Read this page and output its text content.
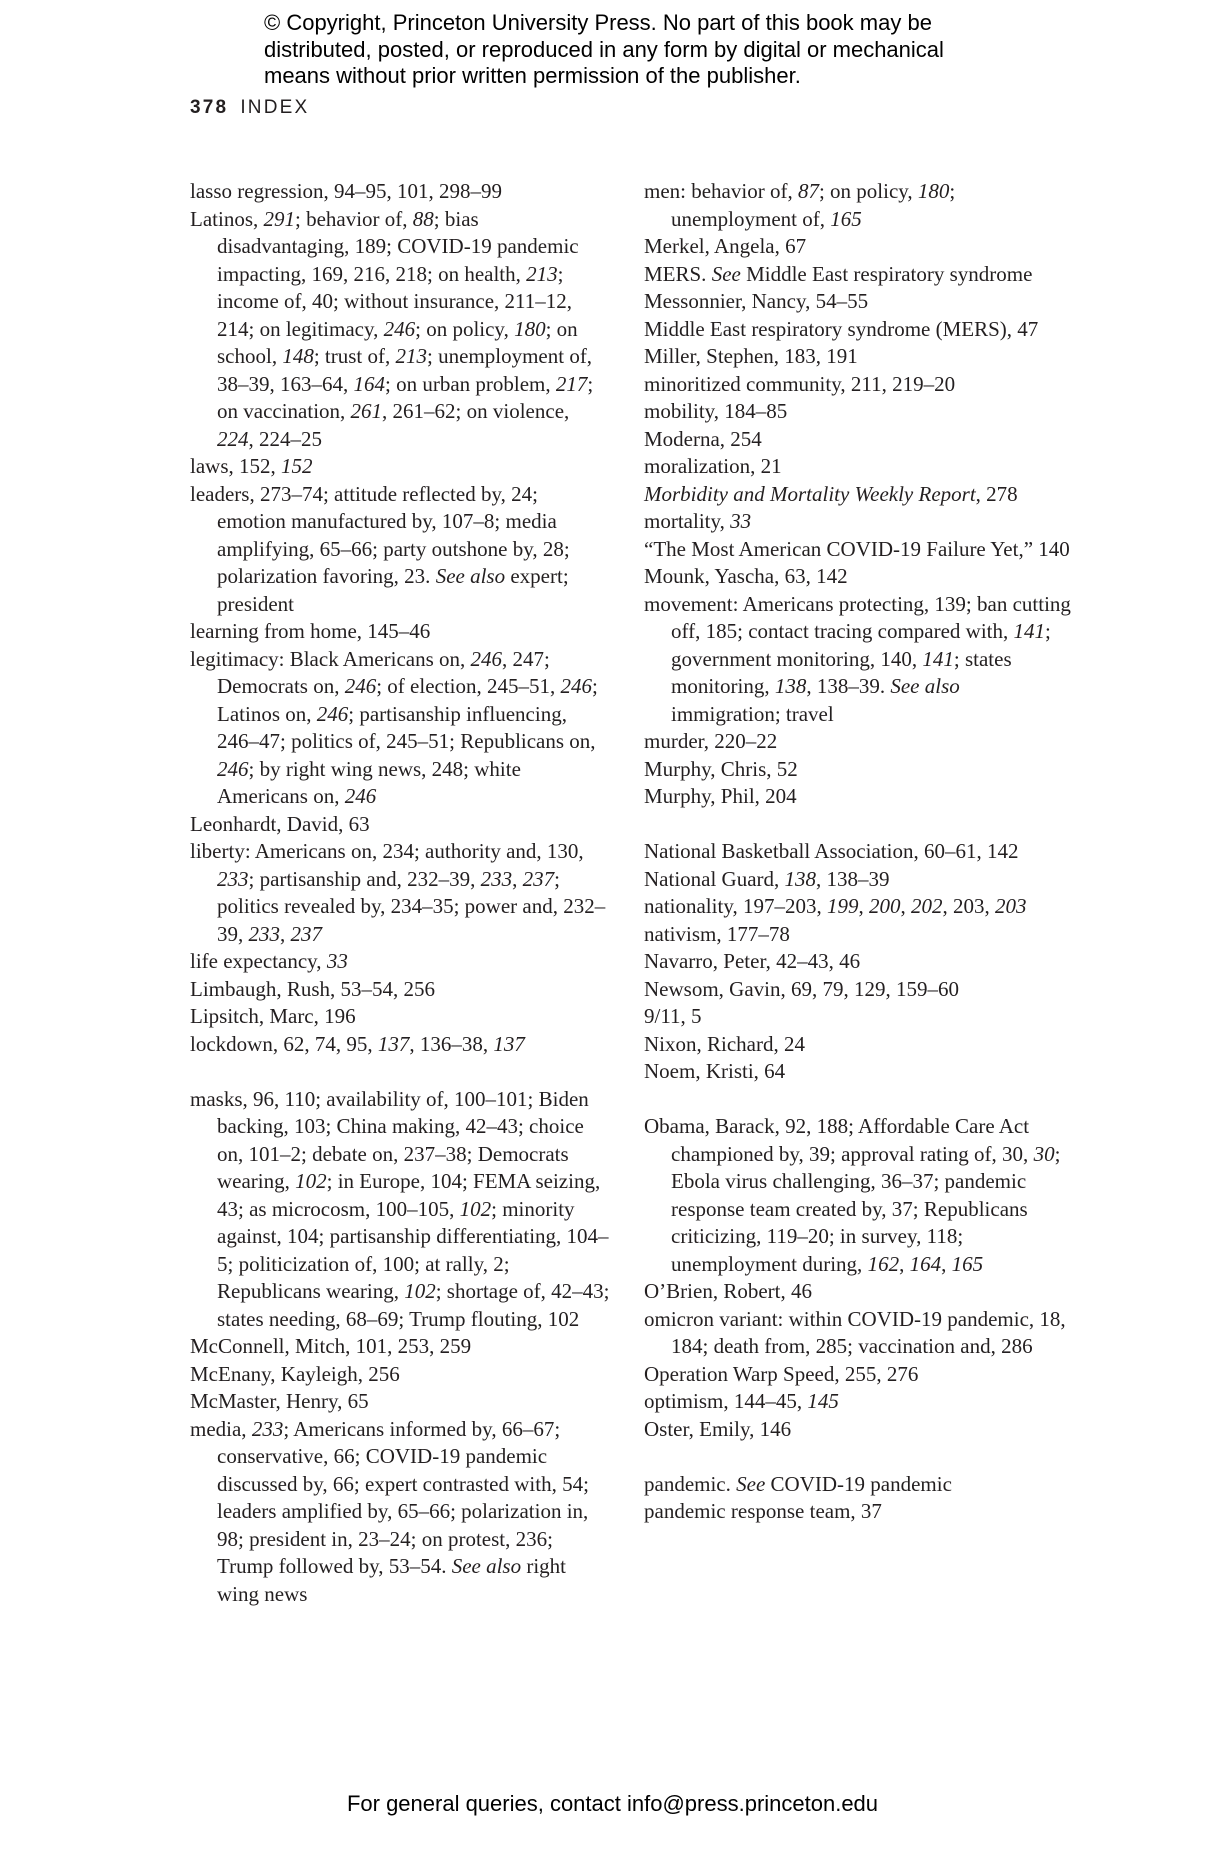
© Copyright, Princeton University Press. No part of this book may be distributed, posted, or reproduced in any form by digital or mechanical means without prior written permission of the publisher.
378 INDEX
lasso regression, 94–95, 101, 298–99
Latinos, 291; behavior of, 88; bias disadvantaging, 189; COVID-19 pandemic impacting, 169, 216, 218; on health, 213; income of, 40; without insurance, 211–12, 214; on legitimacy, 246; on policy, 180; on school, 148; trust of, 213; unemployment of, 38–39, 163–64, 164; on urban problem, 217; on vaccination, 261, 261–62; on violence, 224, 224–25
laws, 152, 152
leaders, 273–74; attitude reflected by, 24; emotion manufactured by, 107–8; media amplifying, 65–66; party outshone by, 28; polarization favoring, 23. See also expert; president
learning from home, 145–46
legitimacy: Black Americans on, 246, 247; Democrats on, 246; of election, 245–51, 246; Latinos on, 246; partisanship influencing, 246–47; politics of, 245–51; Republicans on, 246; by right wing news, 248; white Americans on, 246
Leonhardt, David, 63
liberty: Americans on, 234; authority and, 130, 233; partisanship and, 232–39, 233, 237; politics revealed by, 234–35; power and, 232–39, 233, 237
life expectancy, 33
Limbaugh, Rush, 53–54, 256
Lipsitch, Marc, 196
lockdown, 62, 74, 95, 137, 136–38, 137
masks, 96, 110; availability of, 100–101; Biden backing, 103; China making, 42–43; choice on, 101–2; debate on, 237–38; Democrats wearing, 102; in Europe, 104; FEMA seizing, 43; as microcosm, 100–105, 102; minority against, 104; partisanship differentiating, 104–5; politicization of, 100; at rally, 2; Republicans wearing, 102; shortage of, 42–43; states needing, 68–69; Trump flouting, 102
McConnell, Mitch, 101, 253, 259
McEnany, Kayleigh, 256
McMaster, Henry, 65
media, 233; Americans informed by, 66–67; conservative, 66; COVID-19 pandemic discussed by, 66; expert contrasted with, 54; leaders amplified by, 65–66; polarization in, 98; president in, 23–24; on protest, 236; Trump followed by, 53–54. See also right wing news
men: behavior of, 87; on policy, 180; unemployment of, 165
Merkel, Angela, 67
MERS. See Middle East respiratory syndrome
Messonnier, Nancy, 54–55
Middle East respiratory syndrome (MERS), 47
Miller, Stephen, 183, 191
minoritized community, 211, 219–20
mobility, 184–85
Moderna, 254
moralization, 21
Morbidity and Mortality Weekly Report, 278
mortality, 33
“The Most American COVID-19 Failure Yet,” 140
Mounk, Yascha, 63, 142
movement: Americans protecting, 139; ban cutting off, 185; contact tracing compared with, 141; government monitoring, 140, 141; states monitoring, 138, 138–39. See also immigration; travel
murder, 220–22
Murphy, Chris, 52
Murphy, Phil, 204
National Basketball Association, 60–61, 142
National Guard, 138, 138–39
nationality, 197–203, 199, 200, 202, 203, 203
nativism, 177–78
Navarro, Peter, 42–43, 46
Newsom, Gavin, 69, 79, 129, 159–60
9/11, 5
Nixon, Richard, 24
Noem, Kristi, 64
Obama, Barack, 92, 188; Affordable Care Act championed by, 39; approval rating of, 30, 30; Ebola virus challenging, 36–37; pandemic response team created by, 37; Republicans criticizing, 119–20; in survey, 118; unemployment during, 162, 164, 165
O’Brien, Robert, 46
omicron variant: within COVID-19 pandemic, 18, 184; death from, 285; vaccination and, 286
Operation Warp Speed, 255, 276
optimism, 144–45, 145
Oster, Emily, 146
pandemic. See COVID-19 pandemic
pandemic response team, 37
For general queries, contact info@press.princeton.edu
